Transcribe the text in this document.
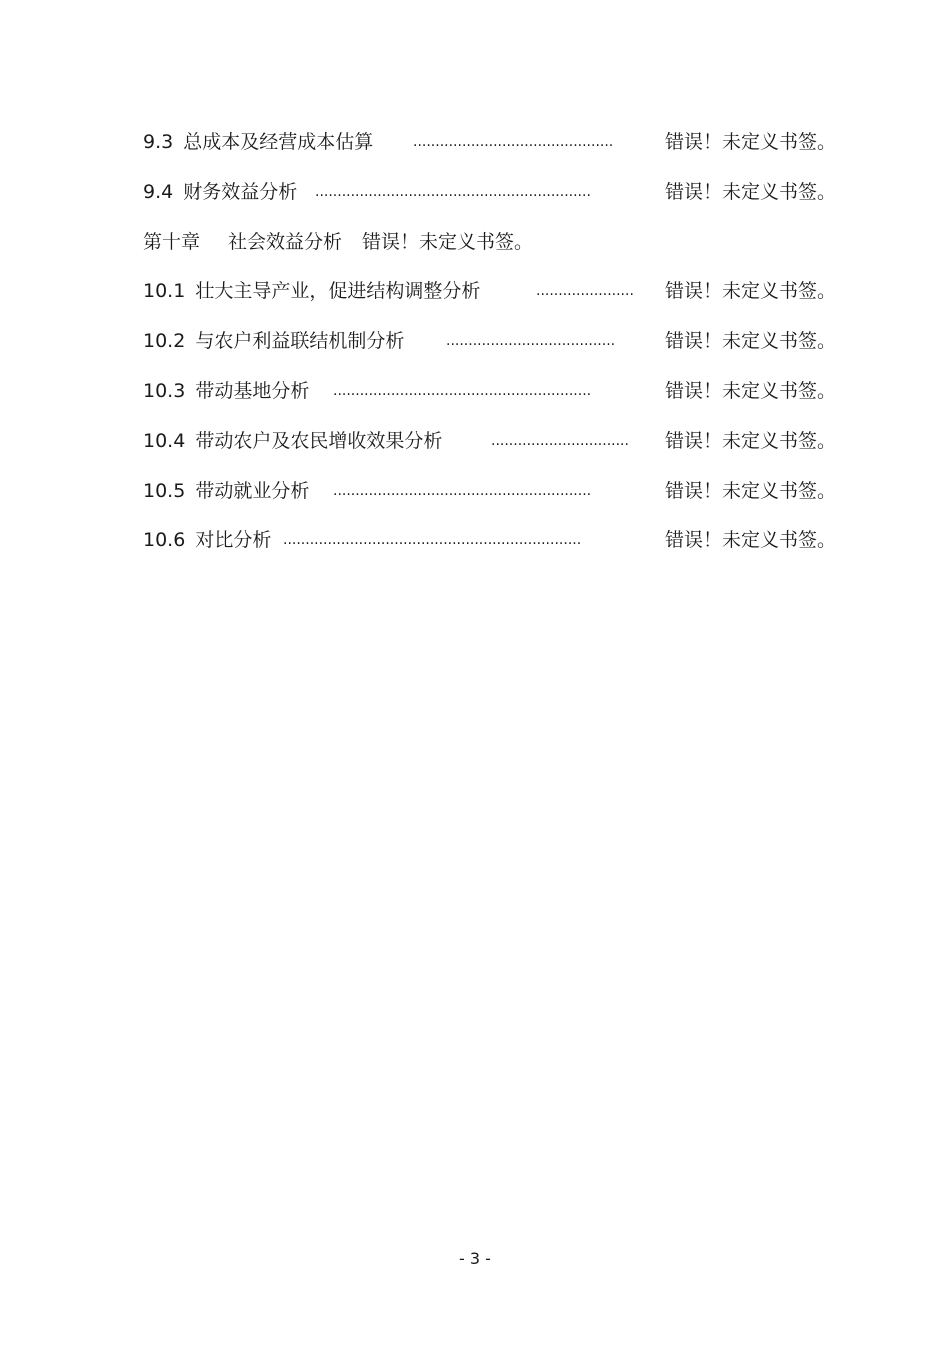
.............................................
9.3 总成本及经营成本估算	错误！未定义书签。
..............................................................
9.4 财务效益分析	错误！未定义书签。
第十章 社会效益分析 错误！未定义书签。
......................
10.1 壮大主导产业，促进结构调整分析	错误！未定义书签。
......................................
10.2 与农户利益联结机制分析	错误！未定义书签。
..........................................................
10.3 带动基地分析	错误！未定义书签。
...............................
10.4 带动农户及农民增收效果分析	错误！未定义书签。
..........................................................
10.5 带动就业分析	错误！未定义书签。
...................................................................
10.6 对比分析	错误！未定义书签。
- 3 -
